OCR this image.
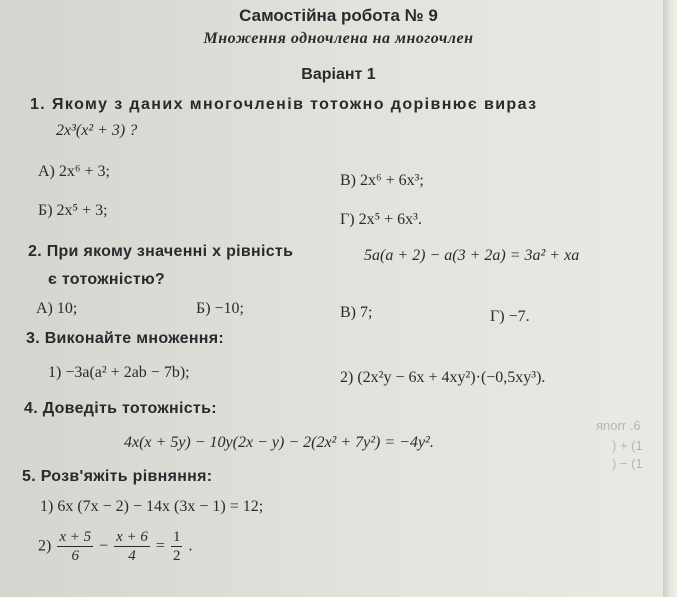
Самостійна робота № 9
Множення одночлена на многочлен
Варіант 1
1. Якому з даних многочленів тотожно дорівнює вираз
2x³(x² + 3) ?
А) 2x⁶ + 3;
В) 2x⁶ + 6x³;
Б) 2x⁵ + 3;
Г) 2x⁵ + 6x³.
2. При якому значенні x рівність	5a(a + 2) − a(3 + 2a) = 3a² + xa
є тотожністю?
А) 10;	Б) −10;	В) 7;	Г) −7.
3. Виконайте множення:
1) −3a(a² + 2ab − 7b);	2) (2x²y − 6x + 4xy²)·(−0,5xy³).
4. Доведіть тотожність:
4x(x + 5y) − 10y(2x − y) − 2(2x² + 7y²) = −4y².
яnorr .6
) + (1
) − (1
5. Розв'яжіть рівняння:
1) 6x (7x − 2) − 14x (3x − 1) = 12;
$2) \frac{x + 5}{6} - \frac{x + 6}{4} = \frac{1}{2}$ .
